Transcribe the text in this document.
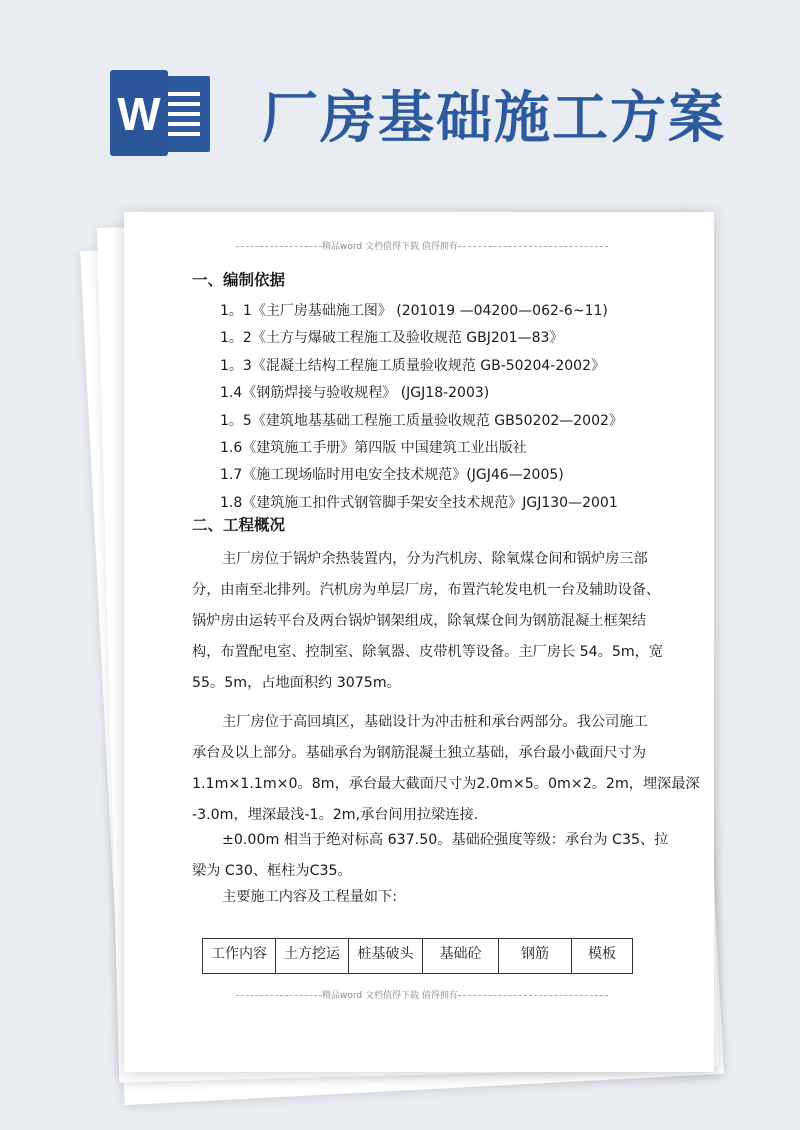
W 厂房基础施工方案
精品word 文档值得下载 值得拥有
一、编制依据
1。1《主厂房基础施工图》 (201019 —04200—062-6~11)
1。2《土方与爆破工程施工及验收规范 GBJ201—83》
1。3《混凝土结构工程施工质量验收规范 GB-50204-2002》
1.4《钢筋焊接与验收规程》 (JGJ18-2003)
1。5《建筑地基基础工程施工质量验收规范 GB50202—2002》
1.6《建筑施工手册》第四版 中国建筑工业出版社
1.7《施工现场临时用电安全技术规范》(JGJ46—2005)
1.8《建筑施工扣件式钢管脚手架安全技术规范》JGJ130—2001
二、工程概况

主厂房位于锅炉余热装置内，分为汽机房、除氧煤仓间和锅炉房三部
分，由南至北排列。汽机房为单层厂房，布置汽轮发电机一台及辅助设备、
锅炉房由运转平台及两台锅炉钢架组成，除氧煤仓间为钢筋混凝土框架结
构，布置配电室、控制室、除氧器、皮带机等设备。主厂房长 54。5m，宽
55。5m，占地面积约 3075m。

主厂房位于高回填区，基础设计为冲击桩和承台两部分。我公司施工
承台及以上部分。基础承台为钢筋混凝土独立基础，承台最小截面尺寸为
1.1m×1.1m×0。8m，承台最大截面尺寸为2.0m×5。0m×2。2m，埋深最深
-3.0m，埋深最浅-1。2m,承台间用拉梁连接.

±0.00m 相当于绝对标高 637.50。基础砼强度等级：承台为 C35、拉
梁为 C30、框柱为C35。

主要施工内容及工程量如下:

工作内容	土方挖运	桩基破头	基础砼	钢筋	模板
精品word 文档值得下载 值得拥有
